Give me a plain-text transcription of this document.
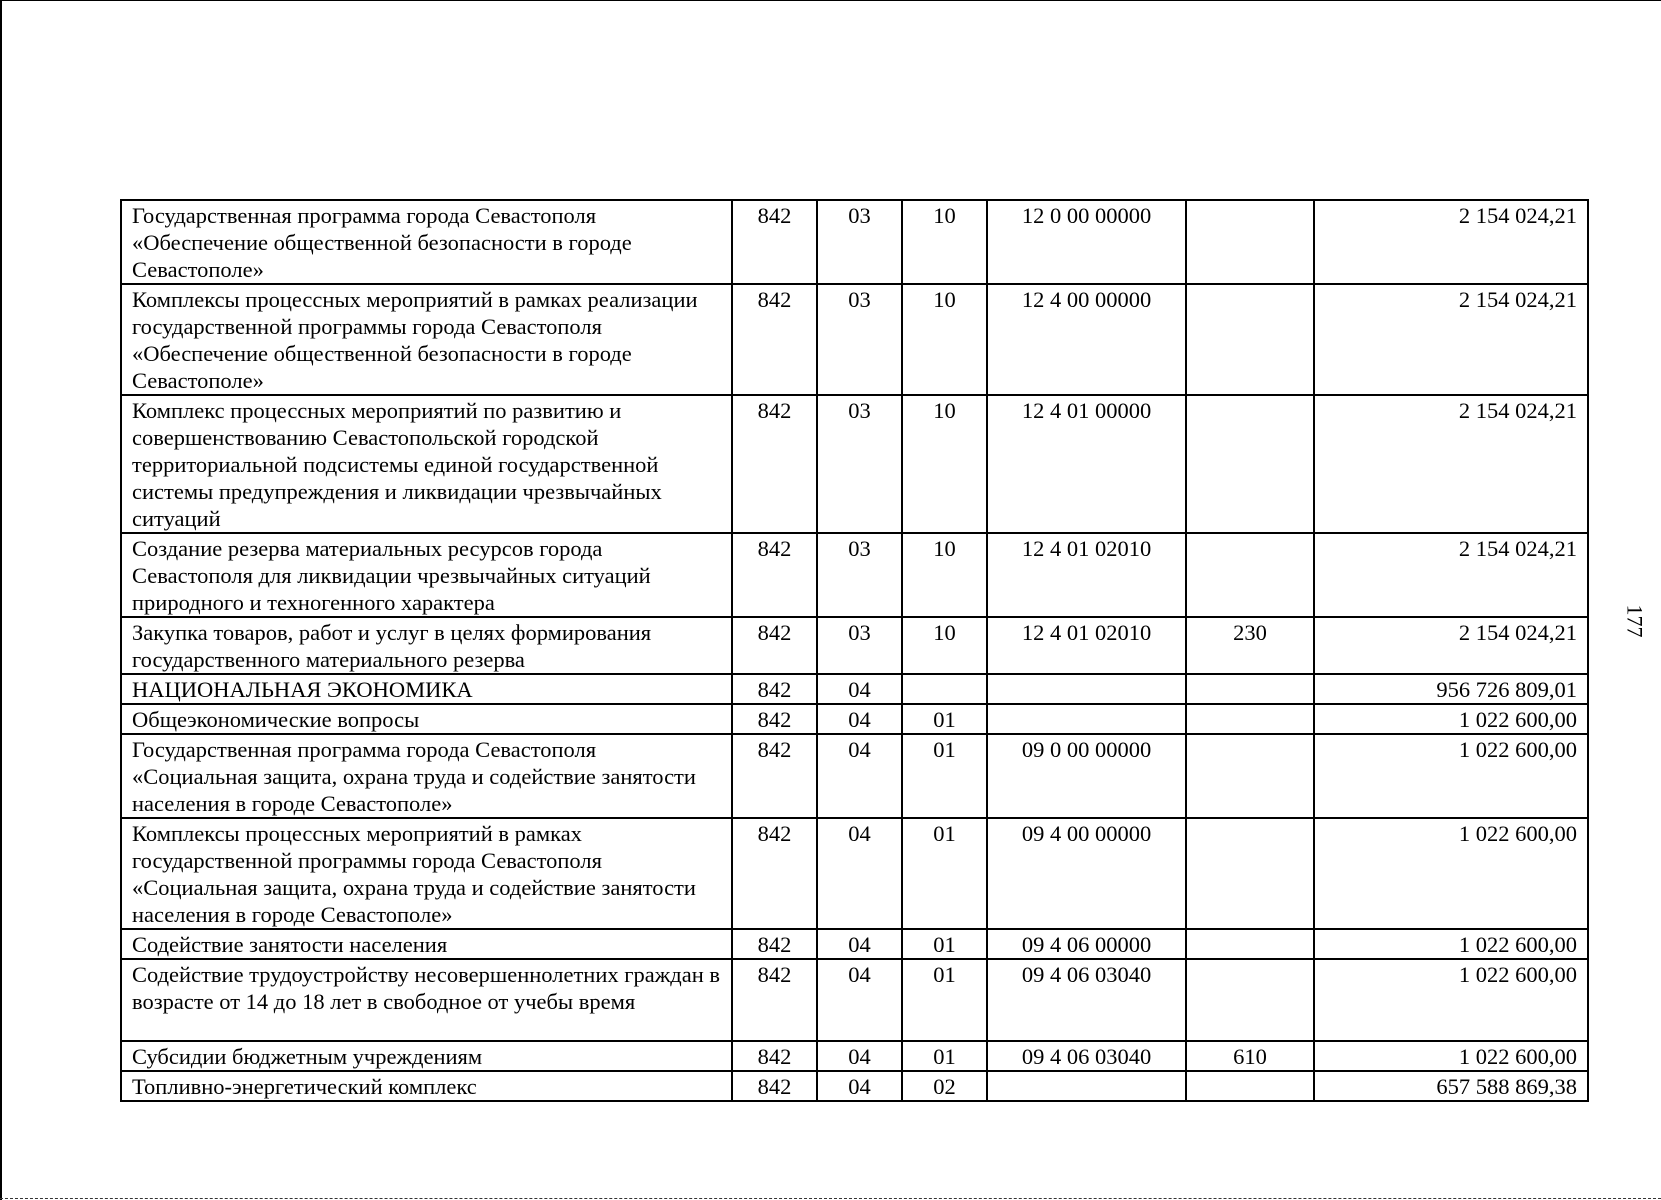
Государственная программа города Севастополя «Обеспечение общественной безопасности в городе Севастополе»	842	03	10	12 0 00 00000		2 154 024,21
Комплексы процессных мероприятий в рамках реализации государственной программы города Севастополя «Обеспечение общественной безопасности в городе Севастополе»	842	03	10	12 4 00 00000		2 154 024,21
Комплекс процессных мероприятий по развитию и совершенствованию Севастопольской городской территориальной подсистемы единой государственной системы предупреждения и ликвидации чрезвычайных ситуаций	842	03	10	12 4 01 00000		2 154 024,21
Создание резерва материальных ресурсов города Севастополя для ликвидации чрезвычайных ситуаций природного и техногенного характера	842	03	10	12 4 01 02010		2 154 024,21
Закупка товаров, работ и услуг в целях формирования государственного материального резерва	842	03	10	12 4 01 02010	230	2 154 024,21
НАЦИОНАЛЬНАЯ ЭКОНОМИКА	842	04				956 726 809,01
Общеэкономические вопросы	842	04	01			1 022 600,00
Государственная программа города Севастополя «Социальная защита, охрана труда и содействие занятости населения в городе Севастополе»	842	04	01	09 0 00 00000		1 022 600,00
Комплексы процессных мероприятий в рамках государственной программы города Севастополя «Социальная защита, охрана труда и содействие занятости населения в городе Севастополе»	842	04	01	09 4 00 00000		1 022 600,00
Содействие занятости населения	842	04	01	09 4 06 00000		1 022 600,00
Содействие трудоустройству несовершеннолетних граждан в возрасте от 14 до 18 лет в свободное от учебы время	842	04	01	09 4 06 03040		1 022 600,00
Субсидии бюджетным учреждениям	842	04	01	09 4 06 03040	610	1 022 600,00
Топливно-энергетический комплекс	842	04	02			657 588 869,38
177
